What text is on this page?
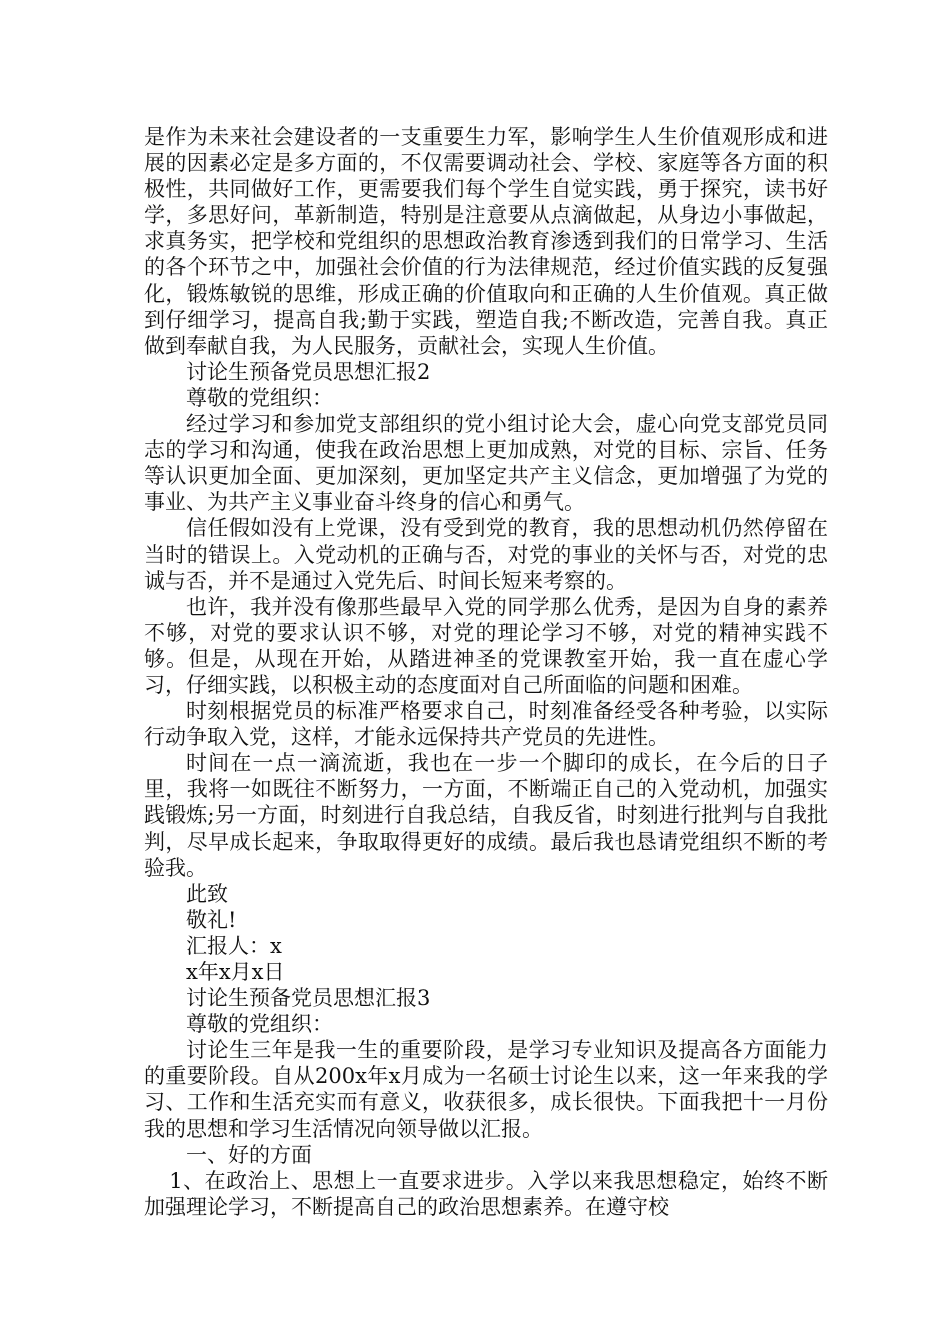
是作为未来社会建设者的一支重要生力军，影响学生人生价值观形成和进展的因素必定是多方面的，不仅需要调动社会、学校、家庭等各方面的积极性，共同做好工作，更需要我们每个学生自觉实践，勇于探究，读书好学，多思好问，革新制造，特别是注意要从点滴做起，从身边小事做起，求真务实，把学校和党组织的思想政治教育渗透到我们的日常学习、生活的各个环节之中，加强社会价值的行为法律规范，经过价值实践的反复强化，锻炼敏锐的思维，形成正确的价值取向和正确的人生价值观。真正做到仔细学习，提高自我;勤于实践，塑造自我;不断改造，完善自我。真正做到奉献自我，为人民服务，贡献社会，实现人生价值。

讨论生预备党员思想汇报2

尊敬的党组织：

经过学习和参加党支部组织的党小组讨论大会，虚心向党支部党员同志的学习和沟通，使我在政治思想上更加成熟，对党的目标、宗旨、任务等认识更加全面、更加深刻，更加坚定共产主义信念，更加增强了为党的事业、为共产主义事业奋斗终身的信心和勇气。

信任假如没有上党课，没有受到党的教育，我的思想动机仍然停留在当时的错误上。入党动机的正确与否，对党的事业的关怀与否，对党的忠诚与否，并不是通过入党先后、时间长短来考察的。

也许，我并没有像那些最早入党的同学那么优秀，是因为自身的素养不够，对党的要求认识不够，对党的理论学习不够，对党的精神实践不够。但是，从现在开始，从踏进神圣的党课教室开始，我一直在虚心学习，仔细实践，以积极主动的态度面对自己所面临的问题和困难。

时刻根据党员的标准严格要求自己，时刻准备经受各种考验，以实际行动争取入党，这样，才能永远保持共产党员的先进性。

时间在一点一滴流逝，我也在一步一个脚印的成长，在今后的日子里，我将一如既往不断努力，一方面，不断端正自己的入党动机，加强实践锻炼;另一方面，时刻进行自我总结，自我反省，时刻进行批判与自我批判，尽早成长起来，争取取得更好的成绩。最后我也恳请党组织不断的考验我。

此致

敬礼!

汇报人：x

x年x月x日

讨论生预备党员思想汇报3

尊敬的党组织：

讨论生三年是我一生的重要阶段，是学习专业知识及提高各方面能力的重要阶段。自从200x年x月成为一名硕士讨论生以来，这一年来我的学习、工作和生活充实而有意义，收获很多，成长很快。下面我把十一月份我的思想和学习生活情况向领导做以汇报。

一、好的方面

1、在政治上、思想上一直要求进步。入学以来我思想稳定，始终不断加强理论学习，不断提高自己的政治思想素养。在遵守校
